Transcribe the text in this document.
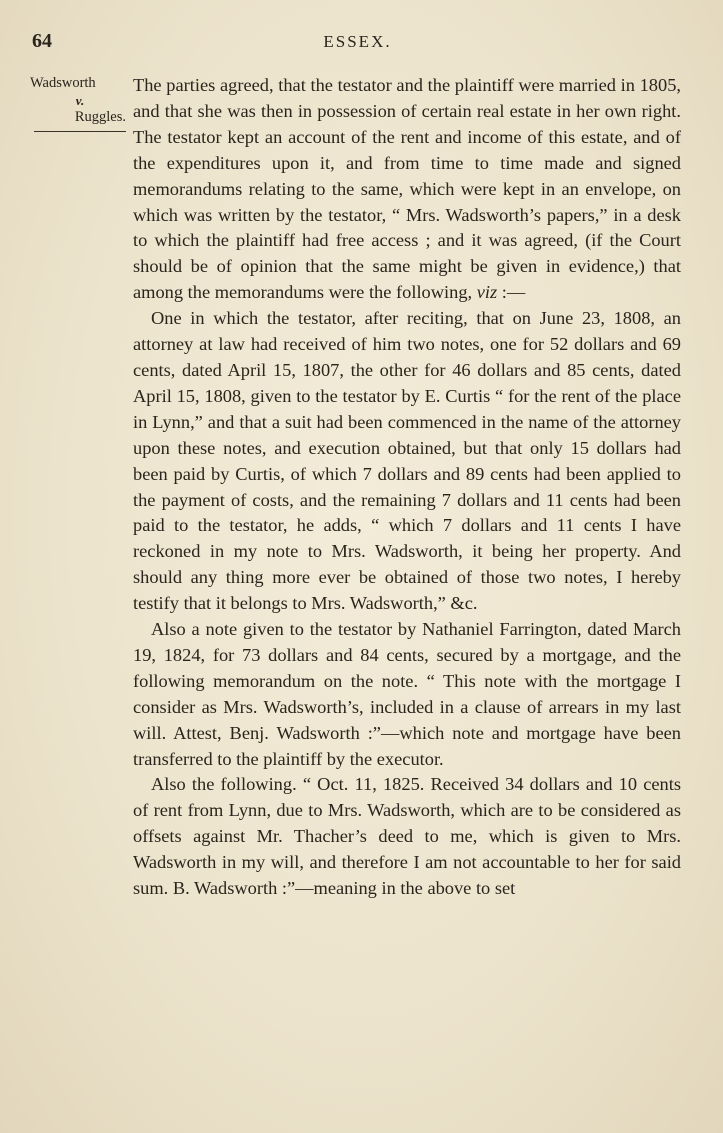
64	ESSEX.
Wadsworth
v.
Ruggles.

The parties agreed, that the testator and the plaintiff were married in 1805, and that she was then in possession of certain real estate in her own right. The testator kept an account of the rent and income of this estate, and of the expenditures upon it, and from time to time made and signed memorandums relating to the same, which were kept in an envelope, on which was written by the testator, “ Mrs. Wadsworth’s papers,” in a desk to which the plaintiff had free access ; and it was agreed, (if the Court should be of opinion that the same might be given in evidence,) that among the memorandums were the following, viz :—

One in which the testator, after reciting, that on June 23, 1808, an attorney at law had received of him two notes, one for 52 dollars and 69 cents, dated April 15, 1807, the other for 46 dollars and 85 cents, dated April 15, 1808, given to the testator by E. Curtis “ for the rent of the place in Lynn,” and that a suit had been commenced in the name of the attorney upon these notes, and execution obtained, but that only 15 dollars had been paid by Curtis, of which 7 dollars and 89 cents had been applied to the payment of costs, and the remaining 7 dollars and 11 cents had been paid to the testator, he adds, “ which 7 dollars and 11 cents I have reckoned in my note to Mrs. Wadsworth, it being her property. And should any thing more ever be obtained of those two notes, I hereby testify that it belongs to Mrs. Wadsworth,” &c.

Also a note given to the testator by Nathaniel Farrington, dated March 19, 1824, for 73 dollars and 84 cents, secured by a mortgage, and the following memorandum on the note. “ This note with the mortgage I consider as Mrs. Wadsworth’s, included in a clause of arrears in my last will. Attest, Benj. Wadsworth :”—which note and mortgage have been transferred to the plaintiff by the executor.

Also the following. “ Oct. 11, 1825. Received 34 dollars and 10 cents of rent from Lynn, due to Mrs. Wadsworth, which are to be considered as offsets against Mr. Thacher’s deed to me, which is given to Mrs. Wadsworth in my will, and therefore I am not accountable to her for said sum. B. Wadsworth :”—meaning in the above to set
